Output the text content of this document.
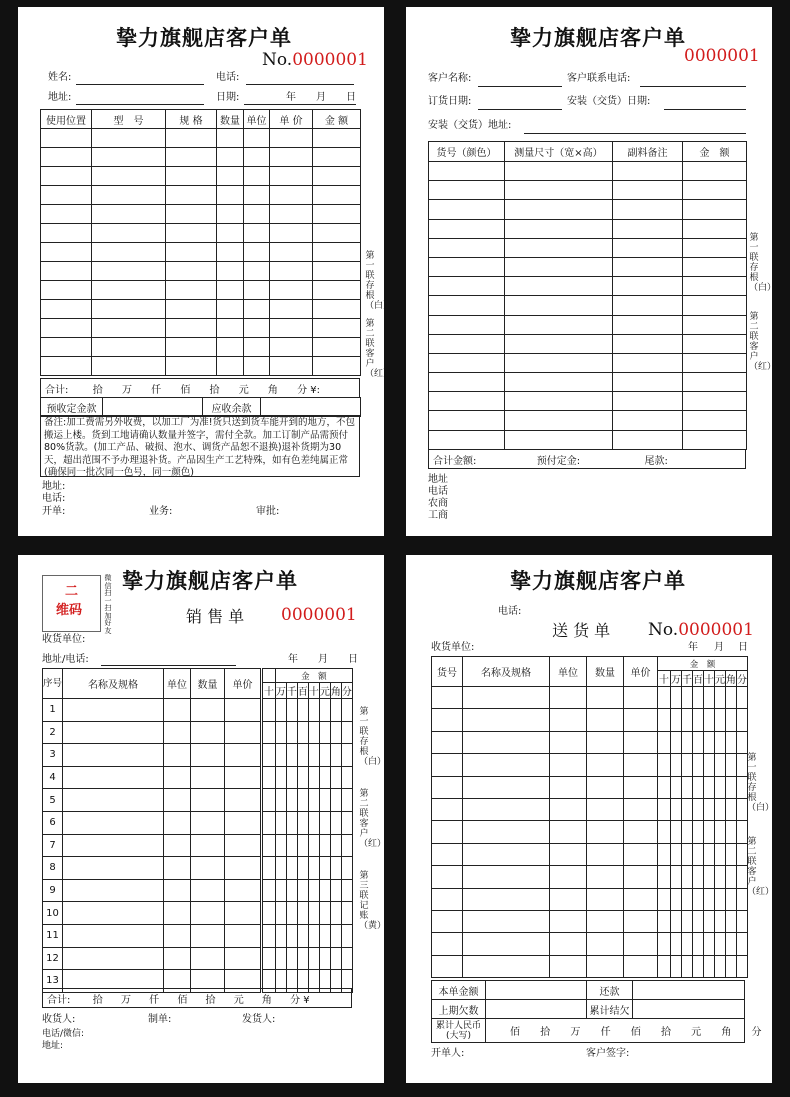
挚力旗舰店客户单
No.0000001
姓名:	电话:
地址:	日期:	年 月 日
使用位置	型　号	规 格	数量	单位	单 价	金 额

合计: 拾 万 仟 佰 拾 元 角 分 ¥:
预收定金款		应收余款	
备注:加工费需另外收费，以加工厂为准!货只送到货车能开到的地方，不包搬运上楼。货到工地请确认数量并签字，需付全款。加工订制产品需预付80%货款。(加工产品、破损、泡水、调货产品恕不退换)退补货期为30天，超出范围不予办理退补货。产品因生产工艺特殊，如有色差纯属正常(确保同一批次同一色号，同一颜色)
地址:
电话:
开单:	业务:	审批:
第一联存根（白）
第二联客户（红）
挚力旗舰店客户单
0000001
客户名称:	客户联系电话:
订货日期:	安装（交货）日期:
安装（交货）地址:
货号（颜色）	测量尺寸（宽×高）	副料备注	金　额

合计金额:	预付定金:	尾款:
地址
电话
农商
工商
第一联存根（白）
第二联客户（红）
二
维码
微信扫一扫加好友
挚力旗舰店客户单
销 售 单 0000001
收货单位:
地址/电话:	年 月 日
序号	名称及规格	单位	数量	单价		金　额						
					十	万	千	百	十	元	角	分
1												
2												
3												
4												
5												
6												
7												
8												
9												
10												
11												
12												
13												
合计: 拾 万 仟 佰 拾 元 角 分 ¥
收货人:	制单:	发货人:
电话/微信:
地址:
第一联存根（白）
第二联客户（红）
第三联记账（黄）
挚力旗舰店客户单
电话:
送 货 单 No.0000001
收货单位:	年 月 日
货号	名称及规格	单位	数量	单价	金　额							
					十	万	千	百	十	元	角	分

本单金额		还款	
上期欠数		累计结欠	
累计人民币(大写)	佰 拾 万 仟 佰 拾 元 角 分		
开单人:	客户签字:
第一联存根（白）
第二联客户（红）
